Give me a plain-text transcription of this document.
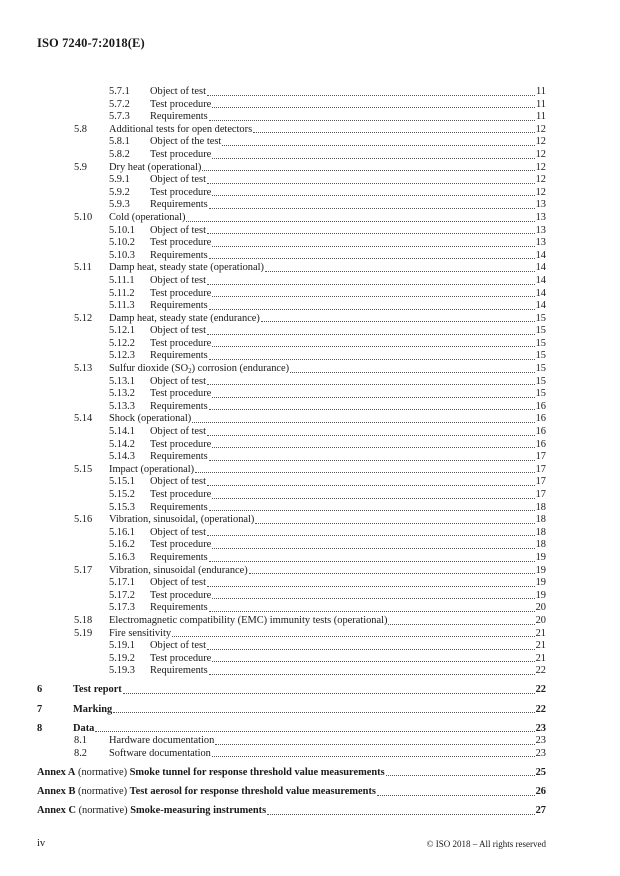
ISO 7240-7:2018(E)
5.7.1 Object of test	11
5.7.2 Test procedure	11
5.7.3 Requirements	11
5.8 Additional tests for open detectors	12
5.8.1 Object of the test	12
5.8.2 Test procedure	12
5.9 Dry heat (operational)	12
5.9.1 Object of test	12
5.9.2 Test procedure	12
5.9.3 Requirements	13
5.10 Cold (operational)	13
5.10.1 Object of test	13
5.10.2 Test procedure	13
5.10.3 Requirements	14
5.11 Damp heat, steady state (operational)	14
5.11.1 Object of test	14
5.11.2 Test procedure	14
5.11.3 Requirements	14
5.12 Damp heat, steady state (endurance)	15
5.12.1 Object of test	15
5.12.2 Test procedure	15
5.12.3 Requirements	15
5.13 Sulfur dioxide $(SO_2)$ corrosion (endurance)	15
5.13.1 Object of test	15
5.13.2 Test procedure	15
5.13.3 Requirements	16
5.14 Shock (operational)	16
5.14.1 Object of test	16
5.14.2 Test procedure	16
5.14.3 Requirements	17
5.15 Impact (operational)	17
5.15.1 Object of test	17
5.15.2 Test procedure	17
5.15.3 Requirements	18
5.16 Vibration, sinusoidal, (operational)	18
5.16.1 Object of test	18
5.16.2 Test procedure	18
5.16.3 Requirements	19
5.17 Vibration, sinusoidal (endurance)	19
5.17.1 Object of test	19
5.17.2 Test procedure	19
5.17.3 Requirements	20
5.18 Electromagnetic compatibility (EMC) immunity tests (operational)	20
5.19 Fire sensitivity	21
5.19.1 Object of test	21
5.19.2 Test procedure	21
5.19.3 Requirements	22
6	Test report	22
7	Marking	22
8	Data	23
8.1 Hardware documentation	23
8.2 Software documentation	23
Annex A (normative) Smoke tunnel for response threshold value measurements	25
Annex B (normative) Test aerosol for response threshold value measurements	26
Annex C (normative) Smoke-measuring instruments	27
iv	© ISO 2018 – All rights reserved
